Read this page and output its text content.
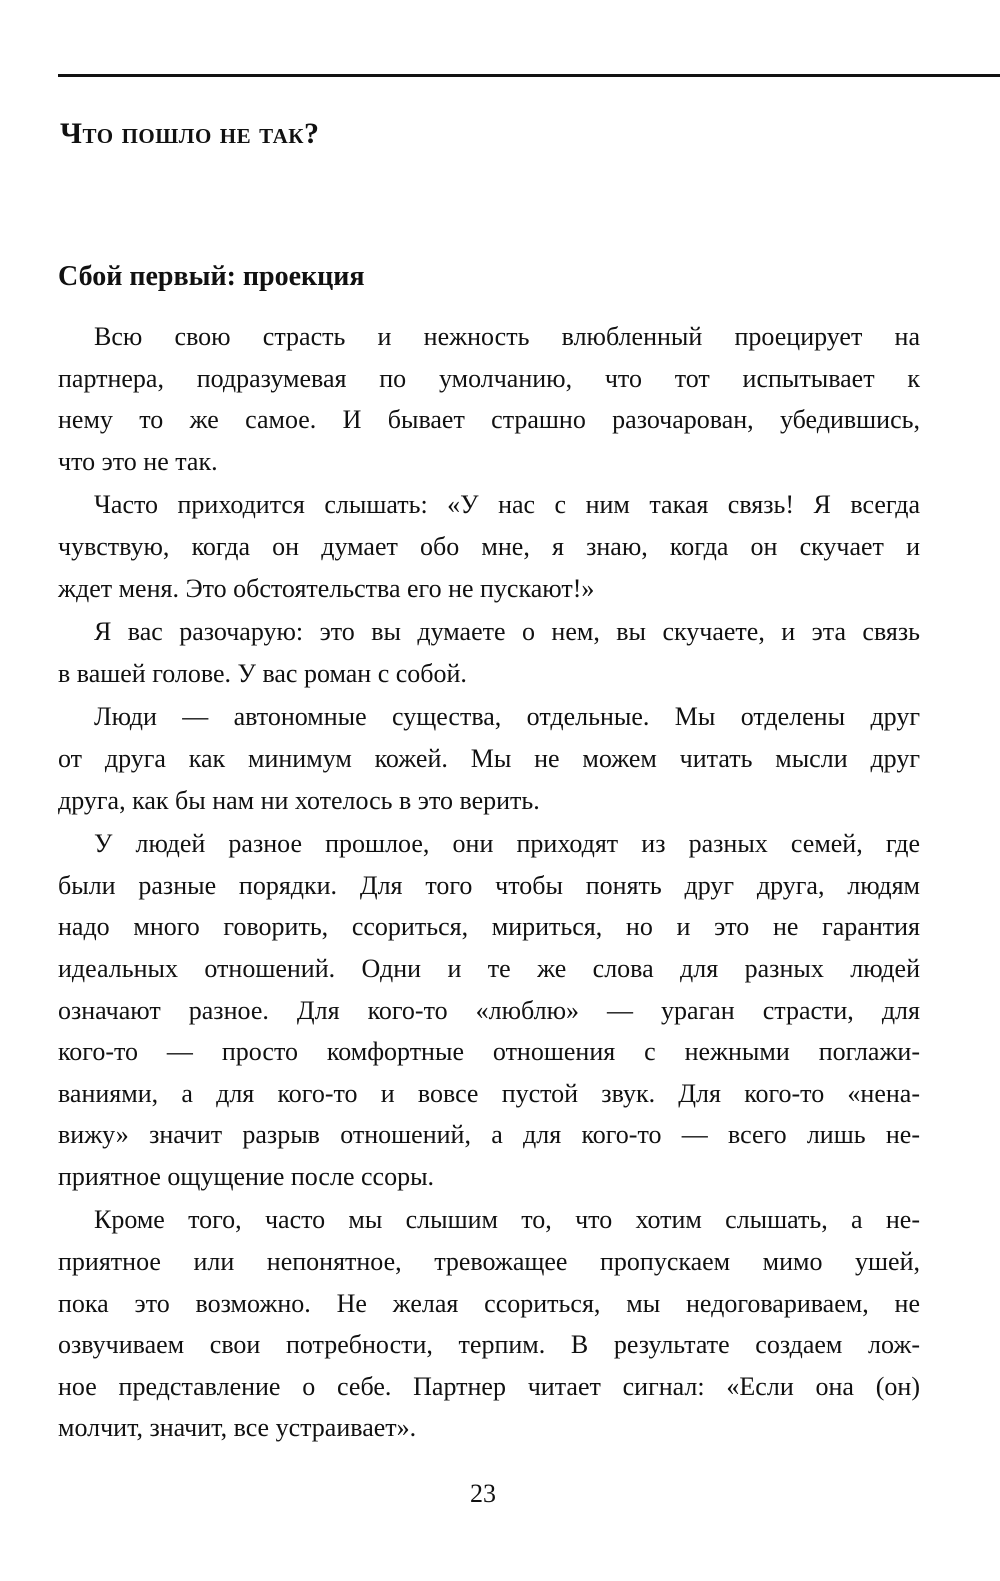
Что пошло не так?
Сбой первый: проекция
Всю свою страсть и нежность влюбленный проецирует на
партнера, подразумевая по умолчанию, что тот испытывает к
нему то же самое. И бывает страшно разочарован, убедившись,
что это не так.
Часто приходится слышать: «У нас с ним такая связь! Я всегда
чувствую, когда он думает обо мне, я знаю, когда он скучает и
ждет меня. Это обстоятельства его не пускают!»
Я вас разочарую: это вы думаете о нем, вы скучаете, и эта связь
в вашей голове. У вас роман с собой.
Люди — автономные существа, отдельные. Мы отделены друг
от друга как минимум кожей. Мы не можем читать мысли друг
друга, как бы нам ни хотелось в это верить.
У людей разное прошлое, они приходят из разных семей, где
были разные порядки. Для того чтобы понять друг друга, людям
надо много говорить, ссориться, мириться, но и это не гарантия
идеальных отношений. Одни и те же слова для разных людей
означают разное. Для кого-то «люблю» — ураган страсти, для
кого-то — просто комфортные отношения с нежными поглажи-
ваниями, а для кого-то и вовсе пустой звук. Для кого-то «нена-
вижу» значит разрыв отношений, а для кого-то — всего лишь не-
приятное ощущение после ссоры.
Кроме того, часто мы слышим то, что хотим слышать, а не-
приятное или непонятное, тревожащее пропускаем мимо ушей,
пока это возможно. Не желая ссориться, мы недоговариваем, не
озвучиваем свои потребности, терпим. В результате создаем лож-
ное представление о себе. Партнер читает сигнал: «Если она (он)
молчит, значит, все устраивает».
23
